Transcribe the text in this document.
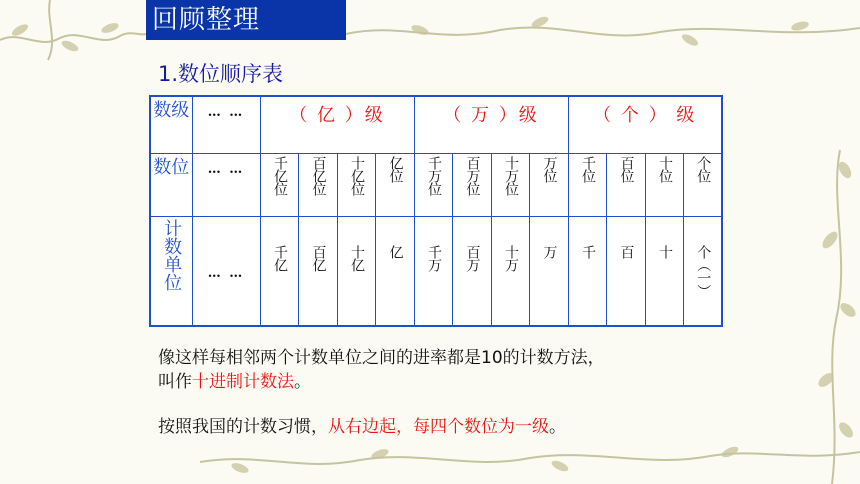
回顾整理
1.数位顺序表
数级	… …	（ 亿 ）级				（ 万 ）级				（ 个 ） 级			
数位	… …	千亿位	百亿位	十亿位	亿位	千万位	百万位	十万位	万位	千位	百位	十位	个位
计数单位	… …	千亿	百亿	十亿	亿	千万	百万	十万	万	千	百	十	个（一）
像这样每相邻两个计数单位之间的进率都是10的计数方法，
叫作十进制计数法。
按照我国的计数习惯，从右边起，每四个数位为一级。
